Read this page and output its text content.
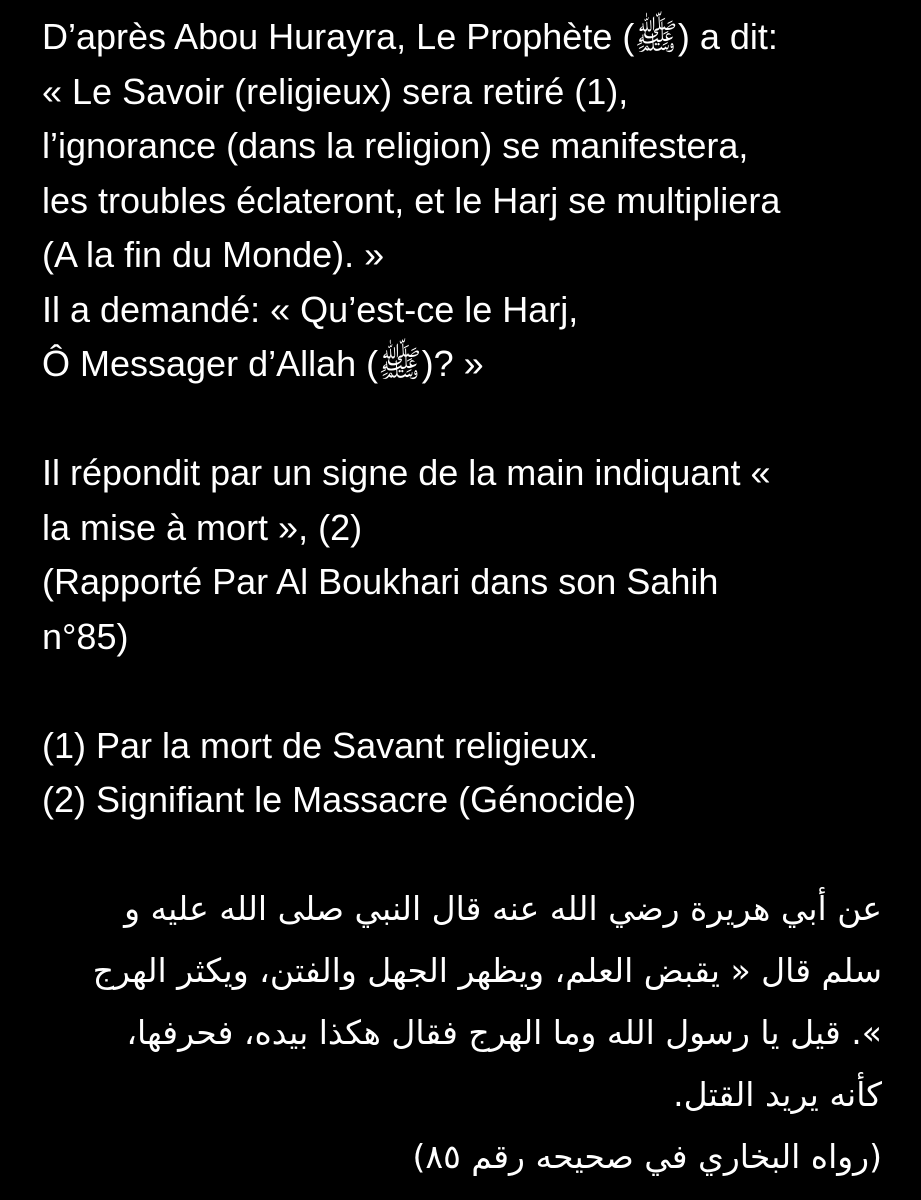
D’après Abou Hurayra, Le Prophète (ﷺ) a dit:
« Le Savoir (religieux) sera retiré (1),
l’ignorance (dans la religion) se manifestera,
les troubles éclateront, et le Harj se multipliera
(A la fin du Monde). »
Il a demandé: « Qu’est-ce le Harj,
Ô Messager d’Allah (ﷺ)? »
Il répondit par un signe de la main indiquant «
la mise à mort », (2)
(Rapporté Par Al Boukhari dans son Sahih
n°85)
(1) Par la mort de Savant religieux.
(2) Signifiant le Massacre (Génocide)
عن أبي هريرة رضي الله عنه قال النبي صلى الله عليه و
سلم قال « يقبض العلم، ويظهر الجهل والفتن، ويكثر الهرج
». قيل يا رسول الله وما الهرج فقال هكذا بيده، فحرفها،
كأنه يريد القتل.
(رواه البخاري في صحيحه رقم ٨٥)
